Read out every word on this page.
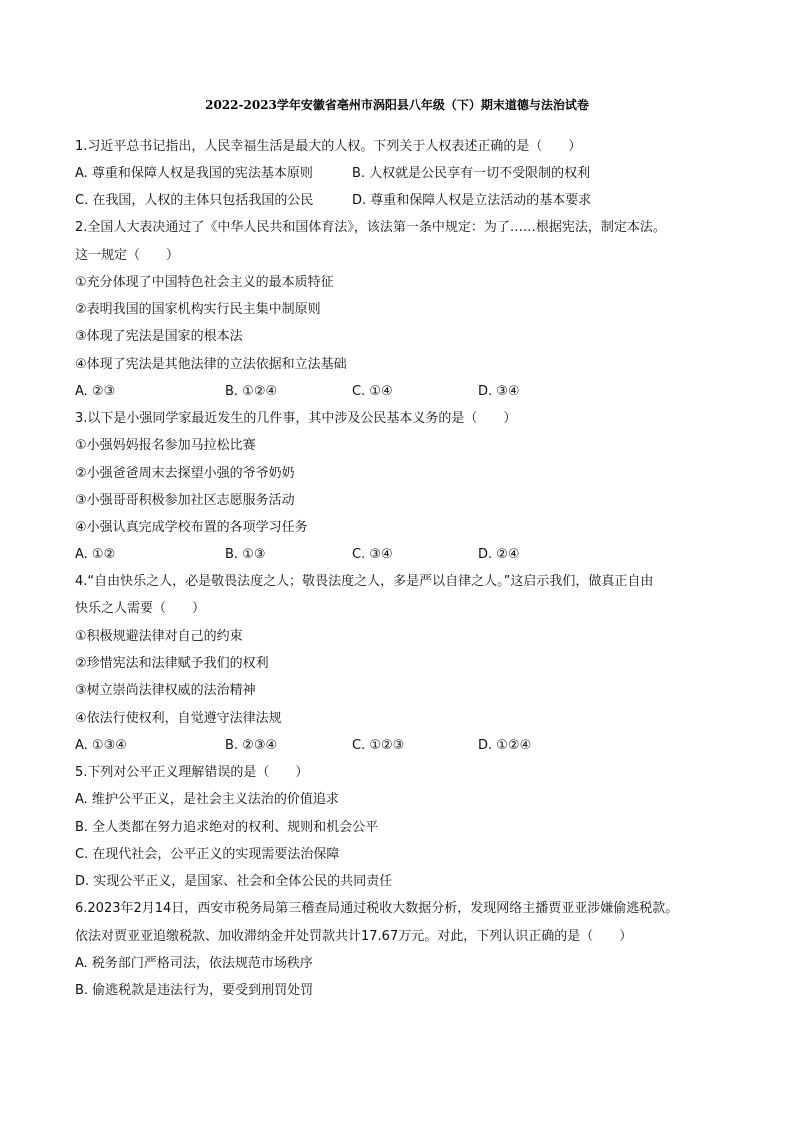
2022-2023学年安徽省亳州市涡阳县八年级（下）期末道德与法治试卷
1.习近平总书记指出，人民幸福生活是最大的人权。下列关于人权表述正确的是（　　）
A. 尊重和保障人权是我国的宪法基本原则	B. 人权就是公民享有一切不受限制的权利
C. 在我国，人权的主体只包括我国的公民	D. 尊重和保障人权是立法活动的基本要求
2.全国人大表决通过了《中华人民共和国体育法》，该法第一条中规定：为了……根据宪法，制定本法。
这一规定（　　）
①充分体现了中国特色社会主义的最本质特征
②表明我国的国家机构实行民主集中制原则
③体现了宪法是国家的根本法
④体现了宪法是其他法律的立法依据和立法基础
A. ②③	B. ①②④	C. ①④	D. ③④
3.以下是小强同学家最近发生的几件事，其中涉及公民基本义务的是（　　）
①小强妈妈报名参加马拉松比赛
②小强爸爸周末去探望小强的爷爷奶奶
③小强哥哥积极参加社区志愿服务活动
④小强认真完成学校布置的各项学习任务
A. ①②	B. ①③	C. ③④	D. ②④
4.“自由快乐之人，必是敬畏法度之人；敬畏法度之人，多是严以自律之人。”这启示我们，做真正自由
快乐之人需要（　　）
①积极规避法律对自己的约束
②珍惜宪法和法律赋予我们的权利
③树立崇尚法律权威的法治精神
④依法行使权利，自觉遵守法律法规
A. ①③④	B. ②③④	C. ①②③	D. ①②④
5.下列对公平正义理解错误的是（　　）
A. 维护公平正义，是社会主义法治的价值追求
B. 全人类都在努力追求绝对的权利、规则和机会公平
C. 在现代社会，公平正义的实现需要法治保障
D. 实现公平正义，是国家、社会和全体公民的共同责任
6.2023年2月14日，西安市税务局第三稽查局通过税收大数据分析，发现网络主播贾亚亚涉嫌偷逃税款。
依法对贾亚亚追缴税款、加收滞纳金并处罚款共计17.67万元。对此，下列认识正确的是（　　）
A. 税务部门严格司法，依法规范市场秩序
B. 偷逃税款是违法行为，要受到刑罚处罚
